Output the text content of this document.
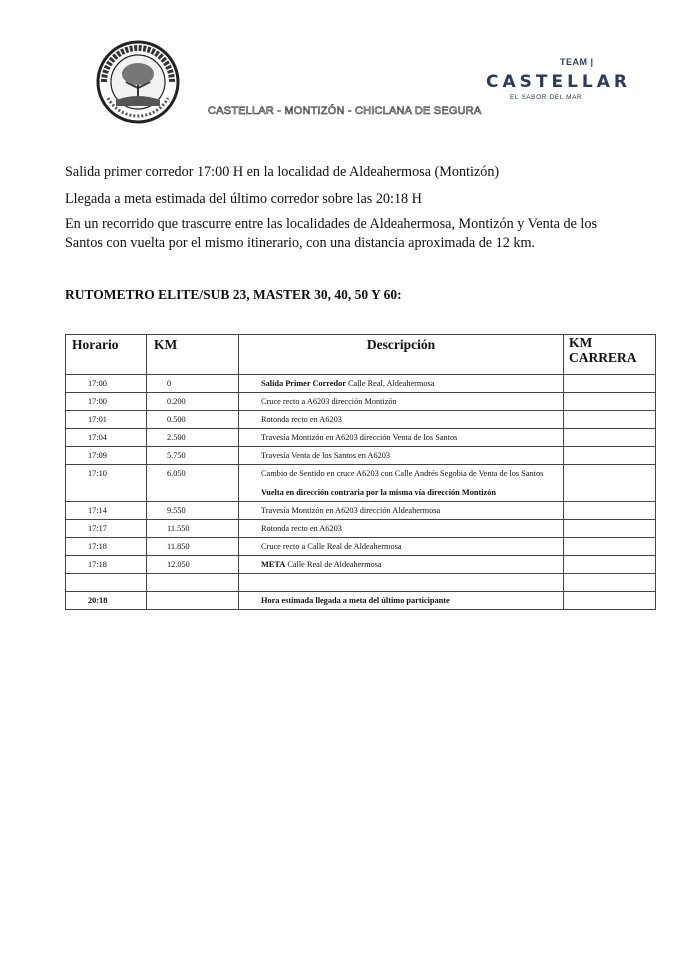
TEAM |
CASTELLAR
EL SABOR DEL MAR
CASTELLAR - MONTIZÓN - CHICLANA DE SEGURA
Salida primer corredor 17:00 H en la localidad de Aldeahermosa (Montizón)
Llegada a meta estimada del último corredor sobre las 20:18 H
En un recorrido que trascurre entre las localidades de Aldeahermosa, Montizón y Venta de los Santos con vuelta por el mismo itinerario, con una distancia aproximada de 12 km.
RUTOMETRO ELITE/SUB 23, MASTER 30, 40, 50 Y 60:
Horario	KM	Descripción	KM CARRERA
17:00	0	Salida Primer Corredor Calle Real, Aldeahermosa	
17:00	0.200	Cruce recto a A6203 dirección Montizón	
17:01	0.500	Rotonda recto en A6203	
17:04	2.500	Travesía Montizón en A6203 dirección Venta de los Santos	
17:09	5.750	Travesía Venta de los Santos en A6203	
17:10	6.050	Cambio de Sentido en cruce A6203 con Calle Andrés Segobia de Venta de los Santos
Vuelta en dirección contraria por la misma vía dirección Montizón	

17:14	9.550	Travesía Montizón en A6203 dirección Aldeahermosa	
17:17	11.550	Rotonda recto en A6203	
17:18	11.850	Cruce recto a Calle Real de Aldeahermosa	
17:18	12.050	META Calle Real de Aldeahermosa	

20:18		Hora estimada llegada a meta del último participante	
